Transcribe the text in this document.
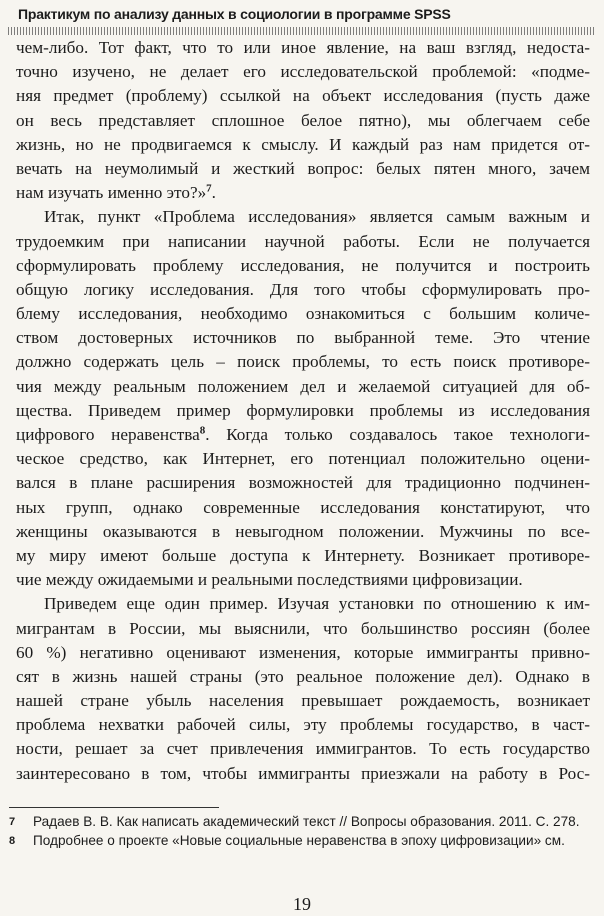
Практикум по анализу данных в социологии в программе SPSS
чем-либо. Тот факт, что то или иное явление, на ваш взгляд, недоста-
точно изучено, не делает его исследовательской проблемой: «подме-
няя предмет (проблему) ссылкой на объект исследования (пусть даже
он весь представляет сплошное белое пятно), мы облегчаем себе
жизнь, но не продвигаемся к смыслу. И каждый раз нам придется от-
вечать на неумолимый и жесткий вопрос: белых пятен много, зачем
нам изучать именно это?»$^7$.
Итак, пункт «Проблема исследования» является самым важным и
трудоемким при написании научной работы. Если не получается
сформулировать проблему исследования, не получится и построить
общую логику исследования. Для того чтобы сформулировать про-
блему исследования, необходимо ознакомиться с большим количе-
ством достоверных источников по выбранной теме. Это чтение
должно содержать цель – поиск проблемы, то есть поиск противоре-
чия между реальным положением дел и желаемой ситуацией для об-
щества. Приведем пример формулировки проблемы из исследования
цифрового неравенства$^8$. Когда только создавалось такое технологи-
ческое средство, как Интернет, его потенциал положительно оцени-
вался в плане расширения возможностей для традиционно подчинен-
ных групп, однако современные исследования констатируют, что
женщины оказываются в невыгодном положении. Мужчины по все-
му миру имеют больше доступа к Интернету. Возникает противоре-
чие между ожидаемыми и реальными последствиями цифровизации.
Приведем еще один пример. Изучая установки по отношению к им-
мигрантам в России, мы выяснили, что большинство россиян (более
60 %) негативно оценивают изменения, которые иммигранты привно-
сят в жизнь нашей страны (это реальное положение дел). Однако в
нашей стране убыль населения превышает рождаемость, возникает
проблема нехватки рабочей силы, эту проблемы государство, в част-
ности, решает за счет привлечения иммигрантов. То есть государство
заинтересовано в том, чтобы иммигранты приезжали на работу в Рос-
7 Радаев В. В. Как написать академический текст // Вопросы образования. 2011. С. 278.
8 Подробнее о проекте «Новые социальные неравенства в эпоху цифровизации» см.
19
